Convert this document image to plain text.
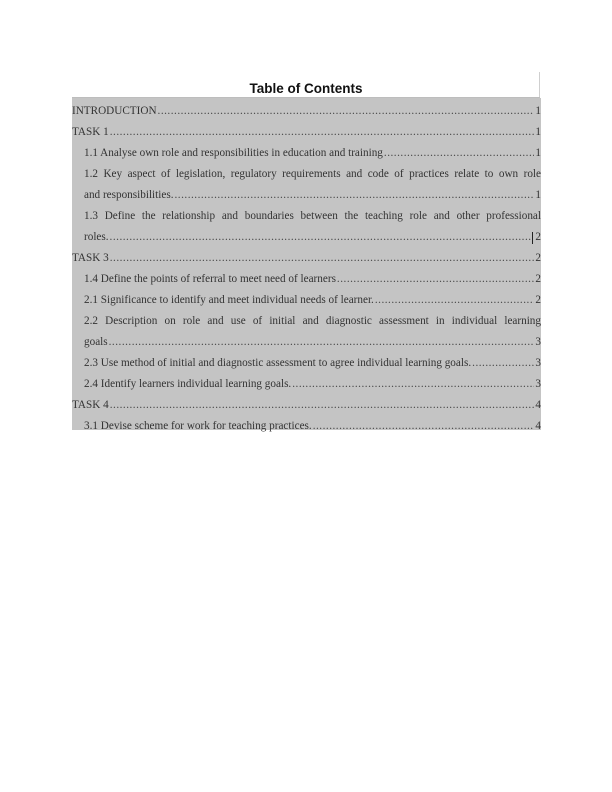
Table of Contents
INTRODUCTION .....	1
TASK 1 .....	1
1.1 Analyse own role and responsibilities in education and training .....	1
1.2 Key aspect of legislation, regulatory requirements and code of practices relate to own role
and responsibilities. .....	1
1.3 Define the relationship and boundaries between the teaching role and other professional
roles. .....	2
TASK 3 .....	2
1.4 Define the points of referral to meet need of learners .....	2
2.1 Significance to identify and meet individual needs of learner. .....	2
2.2 Description on role and use of initial and diagnostic assessment in individual learning
goals .....	3
2.3 Use method of initial and diagnostic assessment to agree individual learning goals. .....	3
2.4 Identify learners individual learning goals. .....	3
TASK 4 .....	4
3.1 Devise scheme for work for teaching practices. .....	4
